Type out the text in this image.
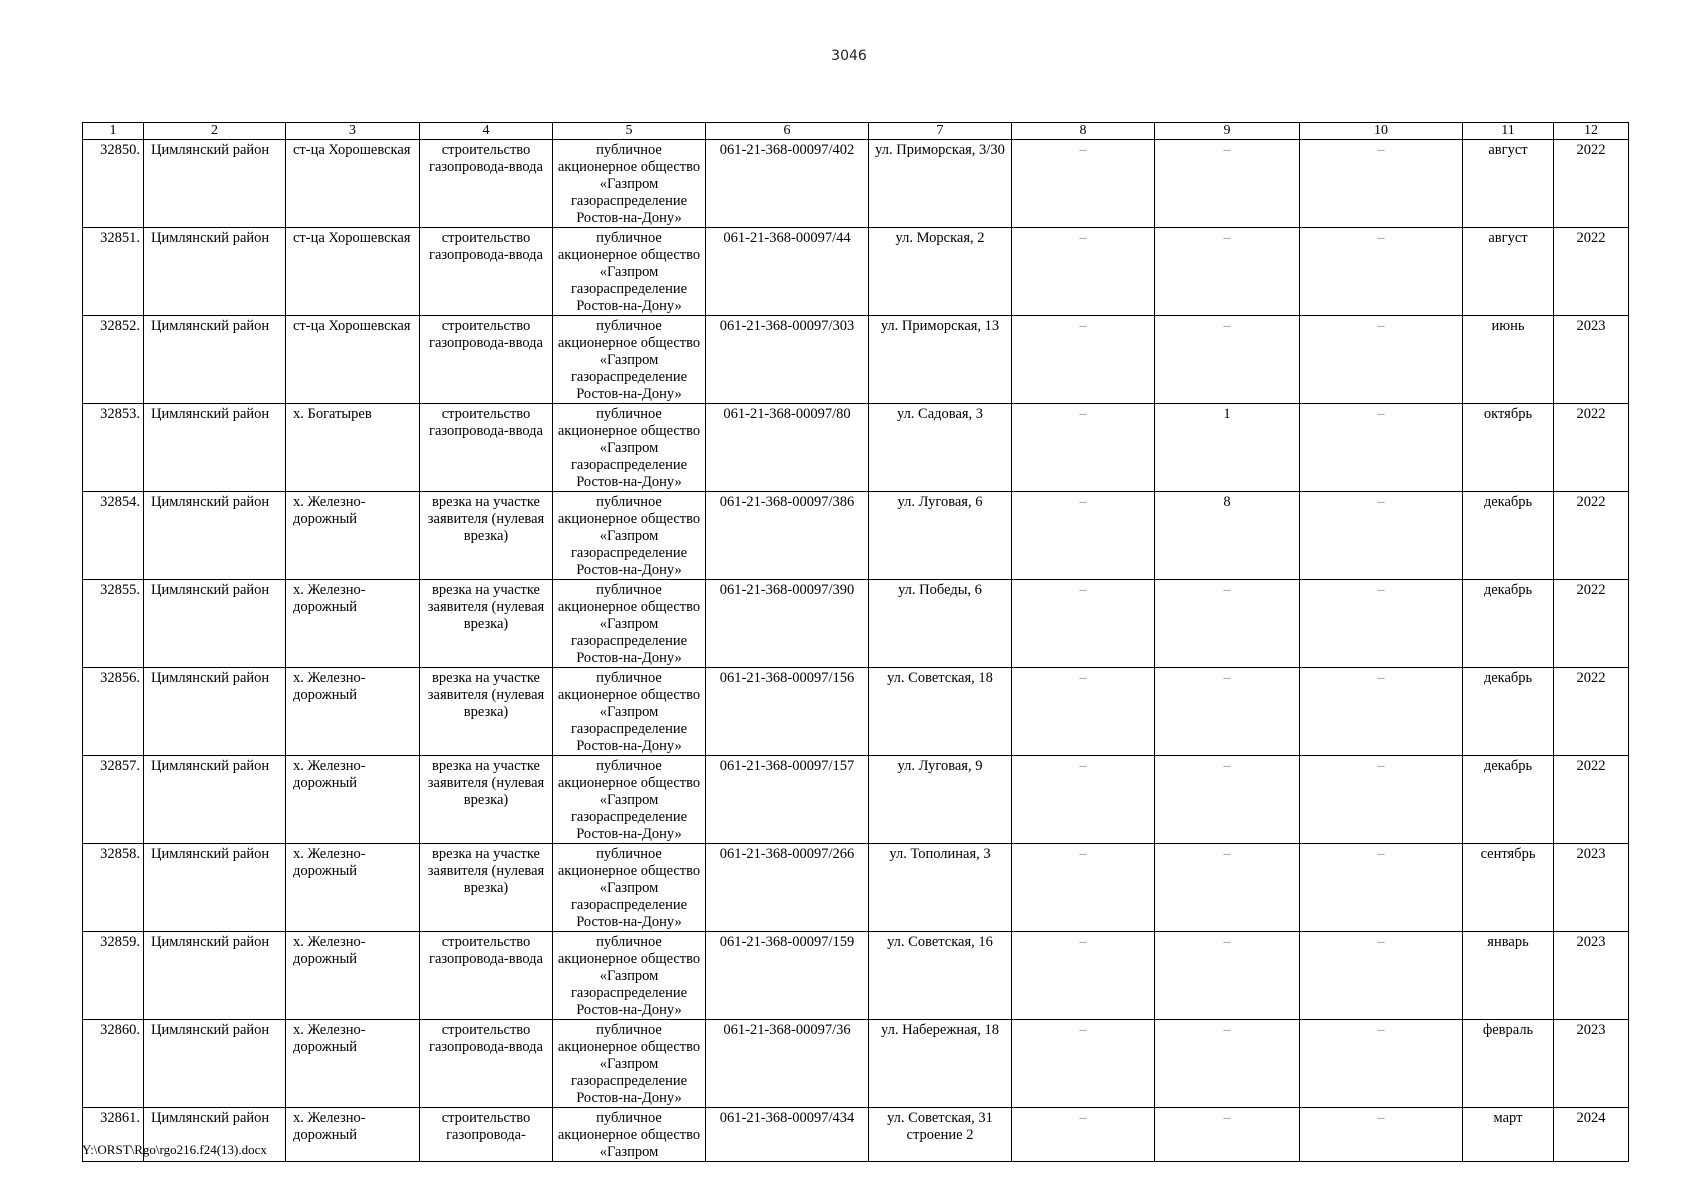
3046
1	2	3	4	5	6	7	8	9	10	11	12
32850.	Цимлянский район	ст-ца Хорошевская	строительство газопровода-ввода	публичное акционерное общество «Газпром газораспределение Ростов-на-Дону»	061-21-368-00097/402	ул. Приморская, 3/30	–	–	–	август	2022
32851.	Цимлянский район	ст-ца Хорошевская	строительство газопровода-ввода	публичное акционерное общество «Газпром газораспределение Ростов-на-Дону»	061-21-368-00097/44	ул. Морская, 2	–	–	–	август	2022
32852.	Цимлянский район	ст-ца Хорошевская	строительство газопровода-ввода	публичное акционерное общество «Газпром газораспределение Ростов-на-Дону»	061-21-368-00097/303	ул. Приморская, 13	–	–	–	июнь	2023
32853.	Цимлянский район	х. Богатырев	строительство газопровода-ввода	публичное акционерное общество «Газпром газораспределение Ростов-на-Дону»	061-21-368-00097/80	ул. Садовая, 3	–	1	–	октябрь	2022
32854.	Цимлянский район	х. Железно-дорожный	врезка на участке заявителя (нулевая врезка)	публичное акционерное общество «Газпром газораспределение Ростов-на-Дону»	061-21-368-00097/386	ул. Луговая, 6	–	8	–	декабрь	2022
32855.	Цимлянский район	х. Железно-дорожный	врезка на участке заявителя (нулевая врезка)	публичное акционерное общество «Газпром газораспределение Ростов-на-Дону»	061-21-368-00097/390	ул. Победы, 6	–	–	–	декабрь	2022
32856.	Цимлянский район	х. Железно-дорожный	врезка на участке заявителя (нулевая врезка)	публичное акционерное общество «Газпром газораспределение Ростов-на-Дону»	061-21-368-00097/156	ул. Советская, 18	–	–	–	декабрь	2022
32857.	Цимлянский район	х. Железно-дорожный	врезка на участке заявителя (нулевая врезка)	публичное акционерное общество «Газпром газораспределение Ростов-на-Дону»	061-21-368-00097/157	ул. Луговая, 9	–	–	–	декабрь	2022
32858.	Цимлянский район	х. Железно-дорожный	врезка на участке заявителя (нулевая врезка)	публичное акционерное общество «Газпром газораспределение Ростов-на-Дону»	061-21-368-00097/266	ул. Тополиная, 3	–	–	–	сентябрь	2023
32859.	Цимлянский район	х. Железно-дорожный	строительство газопровода-ввода	публичное акционерное общество «Газпром газораспределение Ростов-на-Дону»	061-21-368-00097/159	ул. Советская, 16	–	–	–	январь	2023
32860.	Цимлянский район	х. Железно-дорожный	строительство газопровода-ввода	публичное акционерное общество «Газпром газораспределение Ростов-на-Дону»	061-21-368-00097/36	ул. Набережная, 18	–	–	–	февраль	2023
32861.	Цимлянский район	х. Железно-дорожный	строительство газопровода-	публичное акционерное общество «Газпром	061-21-368-00097/434	ул. Советская, 31 строение 2	–	–	–	март	2024
Y:\ORST\Rgo\rgo216.f24(13).docx
